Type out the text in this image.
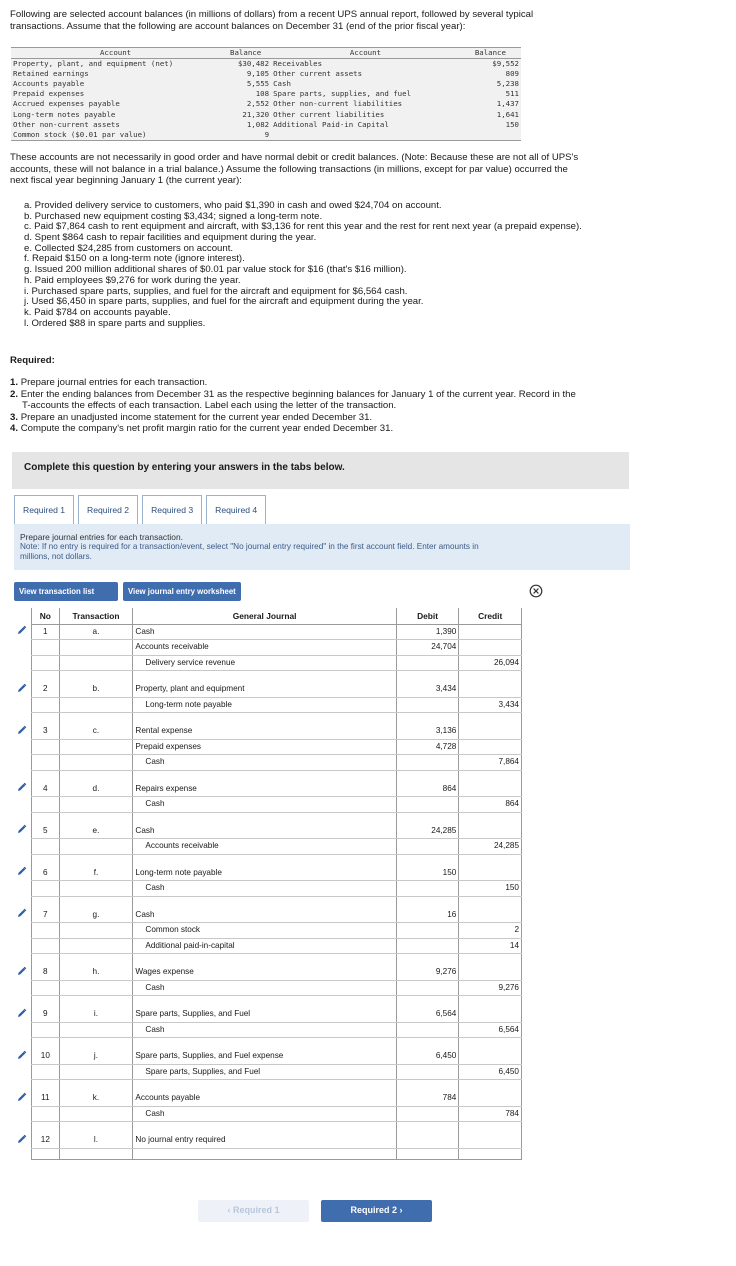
Following are selected account balances (in millions of dollars) from a recent UPS annual report, followed by several typical
transactions. Assume that the following are account balances on December 31 (end of the prior fiscal year):
Account	Balance	Account	Balance
Property, plant, and equipment (net)	$30,482	Receivables	$9,552
Retained earnings	9,105	Other current assets	809
Accounts payable	5,555	Cash	5,238
Prepaid expenses	108	Spare parts, supplies, and fuel	511
Accrued expenses payable	2,552	Other non-current liabilities	1,437
Long-term notes payable	21,320	Other current liabilities	1,641
Other non-current assets	1,082	Additional Paid-in Capital	150
Common stock ($0.01 par value)	9		
These accounts are not necessarily in good order and have normal debit or credit balances. (Note: Because these are not all of UPS's
accounts, these will not balance in a trial balance.) Assume the following transactions (in millions, except for par value) occurred the
next fiscal year beginning January 1 (the current year):
a. Provided delivery service to customers, who paid $1,390 in cash and owed $24,704 on account.
b. Purchased new equipment costing $3,434; signed a long-term note.
c. Paid $7,864 cash to rent equipment and aircraft, with $3,136 for rent this year and the rest for rent next year (a prepaid expense).
d. Spent $864 cash to repair facilities and equipment during the year.
e. Collected $24,285 from customers on account.
f. Repaid $150 on a long-term note (ignore interest).
g. Issued 200 million additional shares of $0.01 par value stock for $16 (that's $16 million).
h. Paid employees $9,276 for work during the year.
i. Purchased spare parts, supplies, and fuel for the aircraft and equipment for $6,564 cash.
j. Used $6,450 in spare parts, supplies, and fuel for the aircraft and equipment during the year.
k. Paid $784 on accounts payable.
l. Ordered $88 in spare parts and supplies.
Required:
1. Prepare journal entries for each transaction.
2. Enter the ending balances from December 31 as the respective beginning balances for January 1 of the current year. Record in the
T-accounts the effects of each transaction. Label each using the letter of the transaction.
3. Prepare an unadjusted income statement for the current year ended December 31.
4. Compute the company's net profit margin ratio for the current year ended December 31.
Complete this question by entering your answers in the tabs below.
Required 1	Required 2	Required 3	Required 4
Prepare journal entries for each transaction.
Note: If no entry is required for a transaction/event, select "No journal entry required" in the first account field. Enter amounts in
millions, not dollars.
View transaction list	View journal entry worksheet
	No	Transaction	General Journal	Debit	Credit
	1	a.	Cash	1,390	
			Accounts receivable	24,704	
			Delivery service revenue		26,094

	2	b.	Property, plant and equipment	3,434	
			Long-term note payable		3,434

	3	c.	Rental expense	3,136	
			Prepaid expenses	4,728	
			Cash		7,864

	4	d.	Repairs expense	864	
			Cash		864

	5	e.	Cash	24,285	
			Accounts receivable		24,285

	6	f.	Long-term note payable	150	
			Cash		150

	7	g.	Cash	16	
			Common stock		2
			Additional paid-in-capital		14

	8	h.	Wages expense	9,276	
			Cash		9,276

	9	i.	Spare parts, Supplies, and Fuel	6,564	
			Cash		6,564

	10	j.	Spare parts, Supplies, and Fuel expense	6,450	
			Spare parts, Supplies, and Fuel		6,450

	11	k.	Accounts payable	784	
			Cash		784

	12	l.	No journal entry required		

‹ Required 1	Required 2 ›
